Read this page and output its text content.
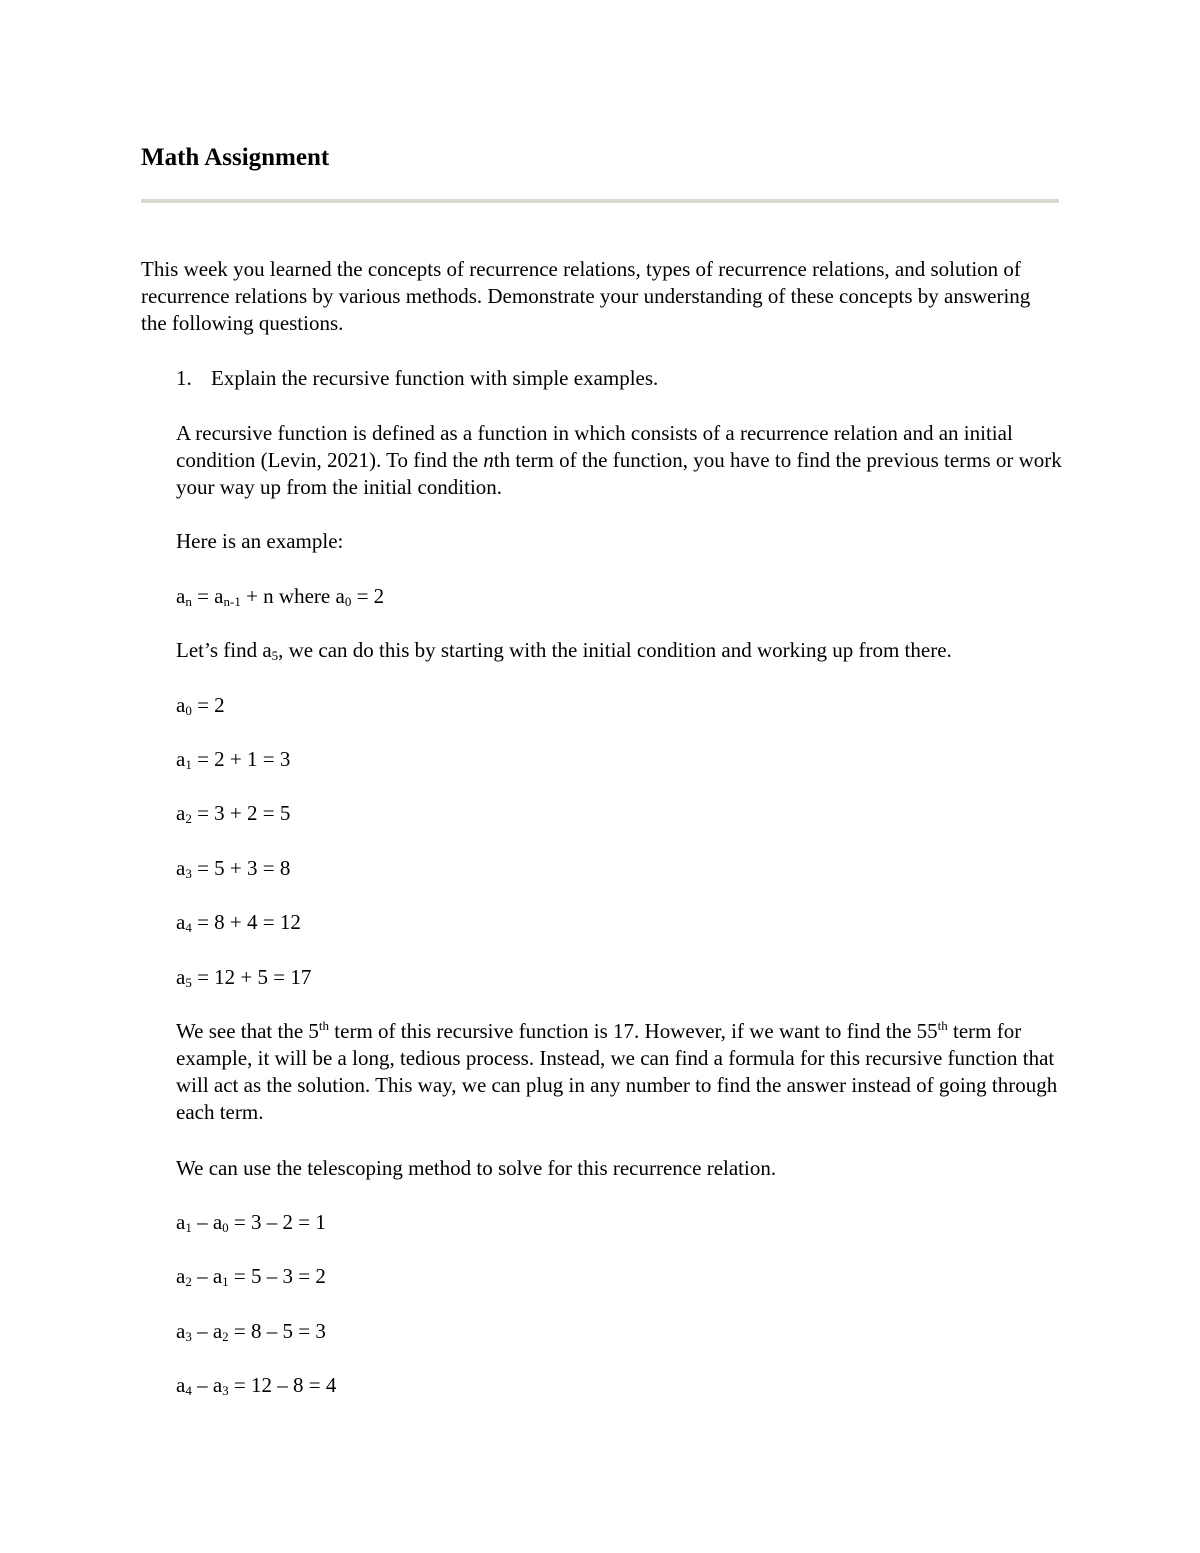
Math Assignment

This week you learned the concepts of recurrence relations, types of recurrence relations, and solution of recurrence relations by various methods. Demonstrate your understanding of these concepts by answering the following questions.

1. Explain the recursive function with simple examples.

A recursive function is defined as a function in which consists of a recurrence relation and an initial condition (Levin, 2021). To find the nth term of the function, you have to find the previous terms or work your way up from the initial condition.

Here is an example:

$a_n = a_{n-1} + n$ where $a_0 = 2$

Let’s find $a_5$, we can do this by starting with the initial condition and working up from there.

$a_0 = 2$

$a_1 = 2 + 1 = 3$

$a_2 = 3 + 2 = 5$

$a_3 = 5 + 3 = 8$

$a_4 = 8 + 4 = 12$

$a_5 = 12 + 5 = 17$

We see that the 5th term of this recursive function is 17. However, if we want to find the 55th term for example, it will be a long, tedious process. Instead, we can find a formula for this recursive function that will act as the solution. This way, we can plug in any number to find the answer instead of going through each term.

We can use the telescoping method to solve for this recurrence relation.

$a_1 - a_0 = 3 - 2 = 1$

$a_2 - a_1 = 5 - 3 = 2$

$a_3 - a_2 = 8 - 5 = 3$

$a_4 - a_3 = 12 - 8 = 4$
